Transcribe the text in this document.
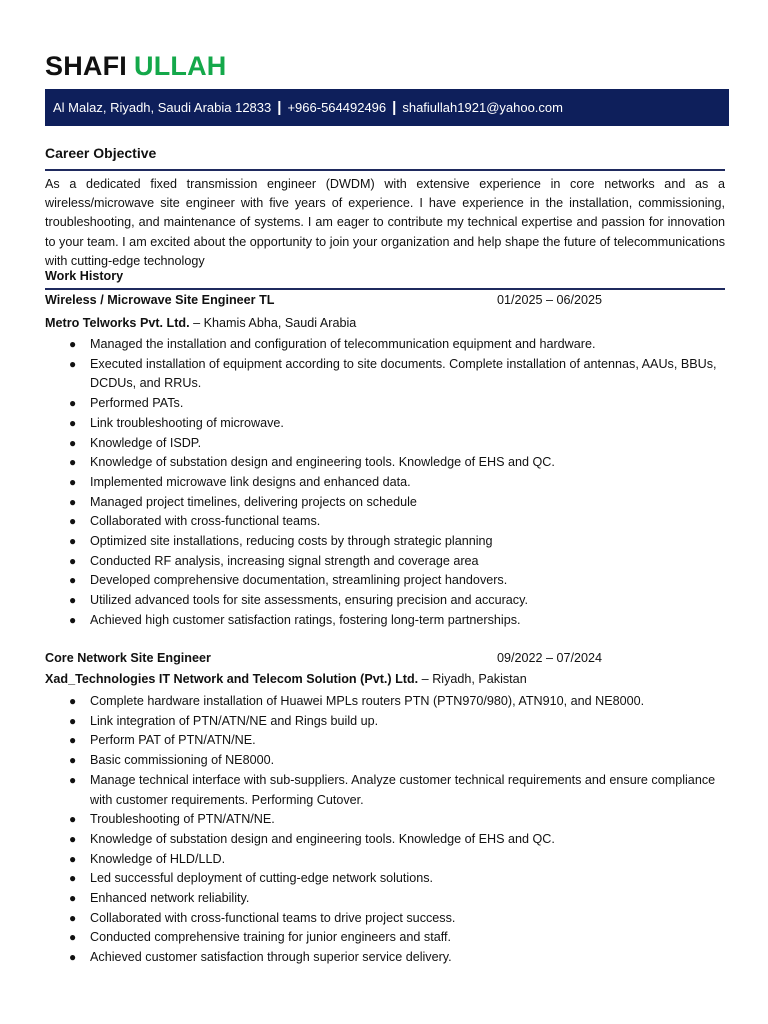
SHAFI ULLAH
Al Malaz, Riyadh, Saudi Arabia 12833 | +966-564492496 | shafiullah1921@yahoo.com
Career Objective

As a dedicated fixed transmission engineer (DWDM) with extensive experience in core networks and as a wireless/microwave site engineer with five years of experience. I have experience in the installation, commissioning, troubleshooting, and maintenance of systems. I am eager to contribute my technical expertise and passion for innovation to your team. I am excited about the opportunity to join your organization and help shape the future of telecommunications with cutting-edge technology

Work History
Wireless / Microwave Site Engineer TL	01/2025 – 06/2025
Metro Telworks Pvt. Ltd. – Khamis Abha, Saudi Arabia
● Managed the installation and configuration of telecommunication equipment and hardware.
● Executed installation of equipment according to site documents. Complete installation of antennas, AAUs, BBUs, DCDUs, and RRUs.
● Performed PATs.
● Link troubleshooting of microwave.
● Knowledge of ISDP.
● Knowledge of substation design and engineering tools. Knowledge of EHS and QC.
● Implemented microwave link designs and enhanced data.
● Managed project timelines, delivering projects on schedule
● Collaborated with cross-functional teams.
● Optimized site installations, reducing costs by through strategic planning
● Conducted RF analysis, increasing signal strength and coverage area
● Developed comprehensive documentation, streamlining project handovers.
● Utilized advanced tools for site assessments, ensuring precision and accuracy.
● Achieved high customer satisfaction ratings, fostering long-term partnerships.
Core Network Site Engineer	09/2022 – 07/2024
Xad_Technologies IT Network and Telecom Solution (Pvt.) Ltd. – Riyadh, Pakistan
● Complete hardware installation of Huawei MPLs routers PTN (PTN970/980), ATN910, and NE8000.
● Link integration of PTN/ATN/NE and Rings build up.
● Perform PAT of PTN/ATN/NE.
● Basic commissioning of NE8000.
● Manage technical interface with sub-suppliers. Analyze customer technical requirements and ensure compliance with customer requirements. Performing Cutover.
● Troubleshooting of PTN/ATN/NE.
● Knowledge of substation design and engineering tools. Knowledge of EHS and QC.
● Knowledge of HLD/LLD.
● Led successful deployment of cutting-edge network solutions.
● Enhanced network reliability.
● Collaborated with cross-functional teams to drive project success.
● Conducted comprehensive training for junior engineers and staff.
● Achieved customer satisfaction through superior service delivery.
